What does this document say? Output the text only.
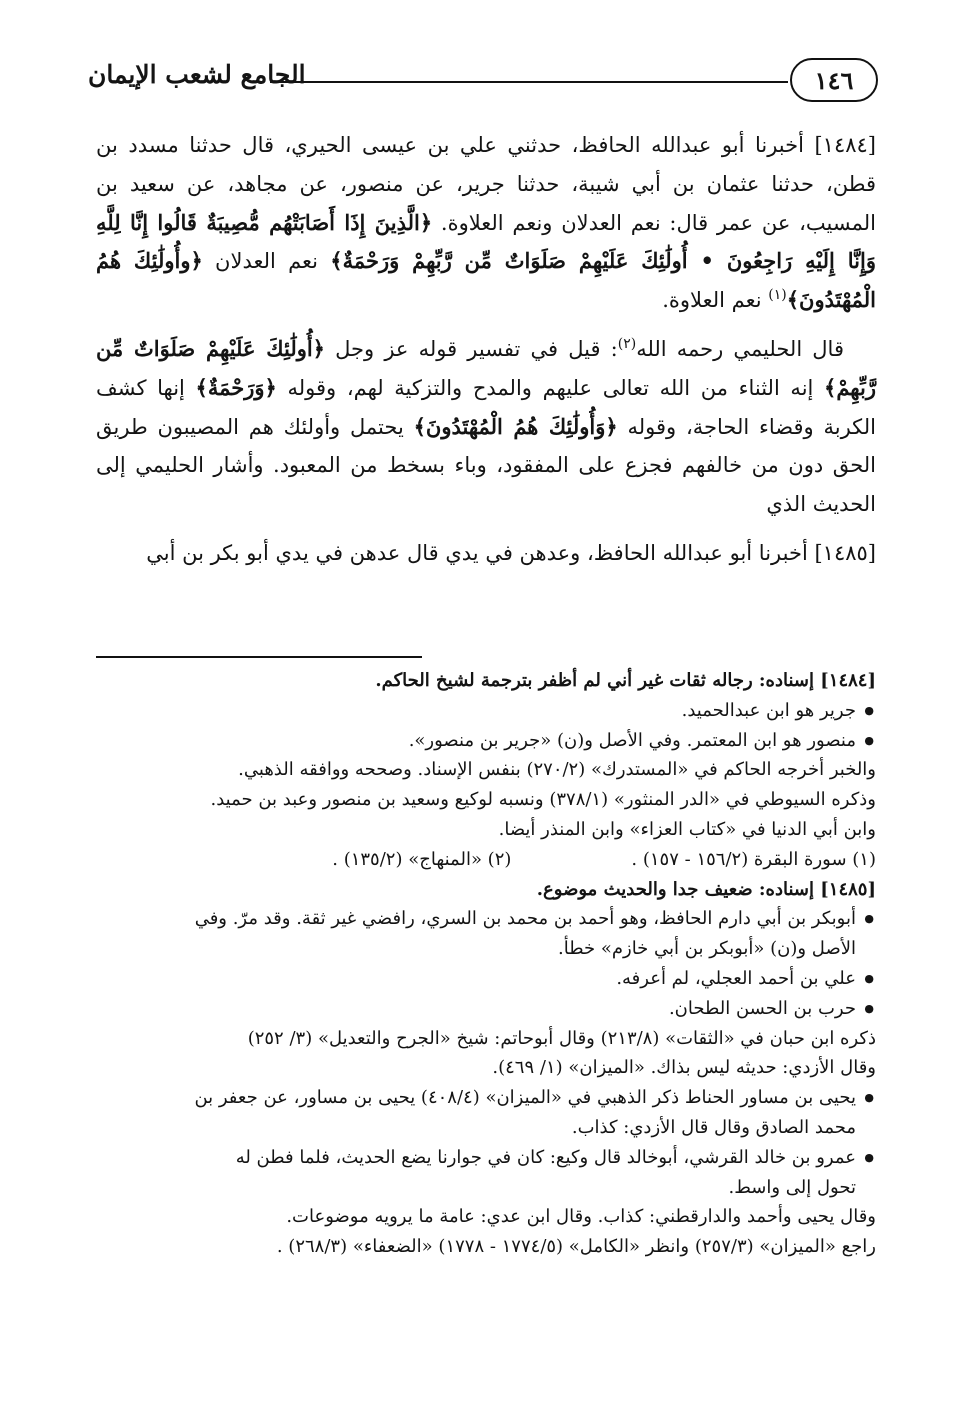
١٤٦
الجامع لشعب الإيمان

[١٤٨٤] أخبرنا أبو عبدالله الحافظ، حدثني علي بن عيسى الحيري، قال حدثنا مسدد بن قطن، حدثنا عثمان بن أبي شيبة، حدثنا جرير، عن منصور، عن مجاهد، عن سعيد بن المسيب، عن عمر قال: نعم العدلان ونعم العلاوة. ﴿الَّذِينَ إِذَا أَصَابَتْهُم مُّصِيبَةٌ قَالُوا إِنَّا لِلَّهِ وَإِنَّا إِلَيْهِ رَاجِعُونَ • أُولَٰئِكَ عَلَيْهِمْ صَلَوَاتٌ مِّن رَّبِّهِمْ وَرَحْمَةٌ﴾ نعم العدلان ﴿وأُولَٰئِكَ هُمُ الْمُهْتَدُونَ﴾$^{(١)}$ نعم العلاوة.

قال الحليمي رحمه الله$^{(٢)}$: قيل في تفسير قوله عز وجل ﴿أُولَٰئِكَ عَلَيْهِمْ صَلَوَاتٌ مِّن رَّبِّهِمْ﴾ إنه الثناء من الله تعالى عليهم والمدح والتزكية لهم، وقوله ﴿وَرَحْمَةٌ﴾ إنها كشف الكربة وقضاء الحاجة، وقوله ﴿وَأُولَٰئِكَ هُمُ الْمُهْتَدُونَ﴾ يحتمل وأولئك هم المصيبون طريق الحق دون من خالفهم فجزع على المفقود، وباء بسخط من المعبود. وأشار الحليمي إلى الحديث الذي

[١٤٨٥] أخبرنا أبو عبدالله الحافظ، وعدهن في يدي قال عدهن في يدي أبو بكر بن أبي

[١٤٨٤] إسناده: رجاله ثقات غير أني لم أظفر بترجمة لشيخ الحاكم.

● جرير هو ابن عبدالحميد.

● منصور هو ابن المعتمر. وفي الأصل و(ن) «جرير بن منصور».

والخبر أخرجه الحاكم في «المستدرك» (٢٧٠/٢) بنفس الإسناد. وصححه ووافقه الذهبي.

وذكره السيوطي في «الدر المنثور» (٣٧٨/١) ونسبه لوكيع وسعيد بن منصور وعبد بن حميد.

وابن أبي الدنيا في «كتاب العزاء» وابن المنذر أيضا.

(١) سورة البقرة (١٥٦/٢ - ١٥٧) .
(٢) «المنهاج» (١٣٥/٢) .

[١٤٨٥] إسناده: ضعيف جدا والحديث موضوع.

● أبوبكر بن أبي دارم الحافظ، وهو أحمد بن محمد بن السري، رافضي غير ثقة. وقد مرّ. وفي

الأصل و(ن) «أبوبكر بن أبي خازم» خطأ.

● علي بن أحمد العجلي، لم أعرفه.

● حرب بن الحسن الطحان.

ذكره ابن حبان في «الثقات» (٢١٣/٨) وقال أبوحاتم: شيخ «الجرح والتعديل» (٣/ ٢٥٢)

وقال الأزدي: حديثه ليس بذاك. «الميزان» (١/ ٤٦٩).

● يحيى بن مساور الحناط ذكر الذهبي في «الميزان» (٤٠٨/٤) يحيى بن مساور، عن جعفر بن

محمد الصادق وقال قال الأزدي: كذاب.

● عمرو بن خالد القرشي، أبوخالد قال وكيع: كان في جوارنا يضع الحديث، فلما فطن له

تحول إلى واسط.

وقال يحيى وأحمد والدارقطني: كذاب. وقال ابن عدي: عامة ما يرويه موضوعات.

راجع «الميزان» (٢٥٧/٣) وانظر «الكامل» (١٧٧٤/٥ - ١٧٧٨) «الضعفاء» (٢٦٨/٣) .
